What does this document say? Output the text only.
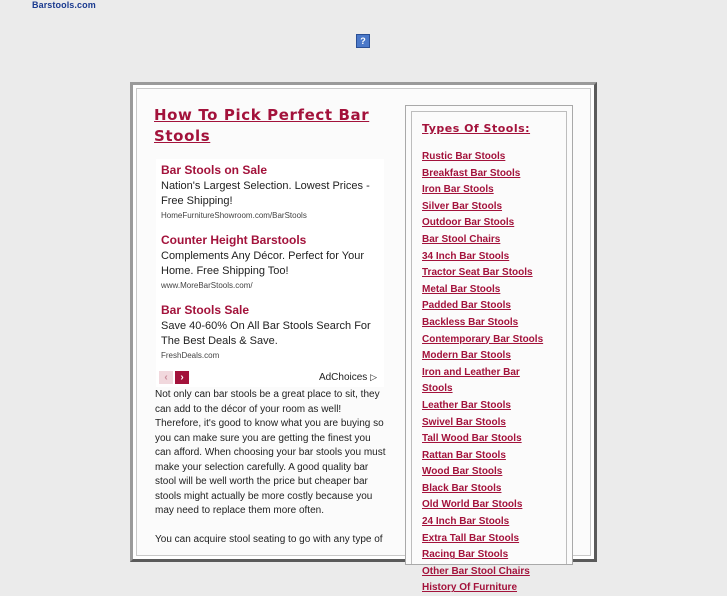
Barstools.com
?
How To Pick Perfect Bar Stools
Bar Stools on Sale
Nation's Largest Selection. Lowest Prices - Free Shipping!
HomeFurnitureShowroom.com/BarStools
Counter Height Barstools
Complements Any Décor. Perfect for Your Home. Free Shipping Too!
www.MoreBarStools.com/
Bar Stools Sale
Save 40-60% On All Bar Stools Search For The Best Deals & Save.
FreshDeals.com
‹	›	AdChoices ▷

Not only can bar stools be a great place to sit, they can add to the décor of your room as well! Therefore, it's good to know what you are buying so you can make sure you are getting the finest you can afford. When choosing your bar stools you must make your selection carefully. A good quality bar stool will be well worth the price but cheaper bar stools might actually be more costly because you may need to replace them more often.

You can acquire stool seating to go with any type of

Types Of Stools:
Rustic Bar Stools
Breakfast Bar Stools
Iron Bar Stools
Silver Bar Stools
Outdoor Bar Stools
Bar Stool Chairs
34 Inch Bar Stools
Tractor Seat Bar Stools
Metal Bar Stools
Padded Bar Stools
Backless Bar Stools
Contemporary Bar Stools
Modern Bar Stools
Iron and Leather Bar Stools
Leather Bar Stools
Swivel Bar Stools
Tall Wood Bar Stools
Rattan Bar Stools
Wood Bar Stools
Black Bar Stools
Old World Bar Stools
24 Inch Bar Stools
Extra Tall Bar Stools
Racing Bar Stools
Other Bar Stool Chairs
History Of Furniture
